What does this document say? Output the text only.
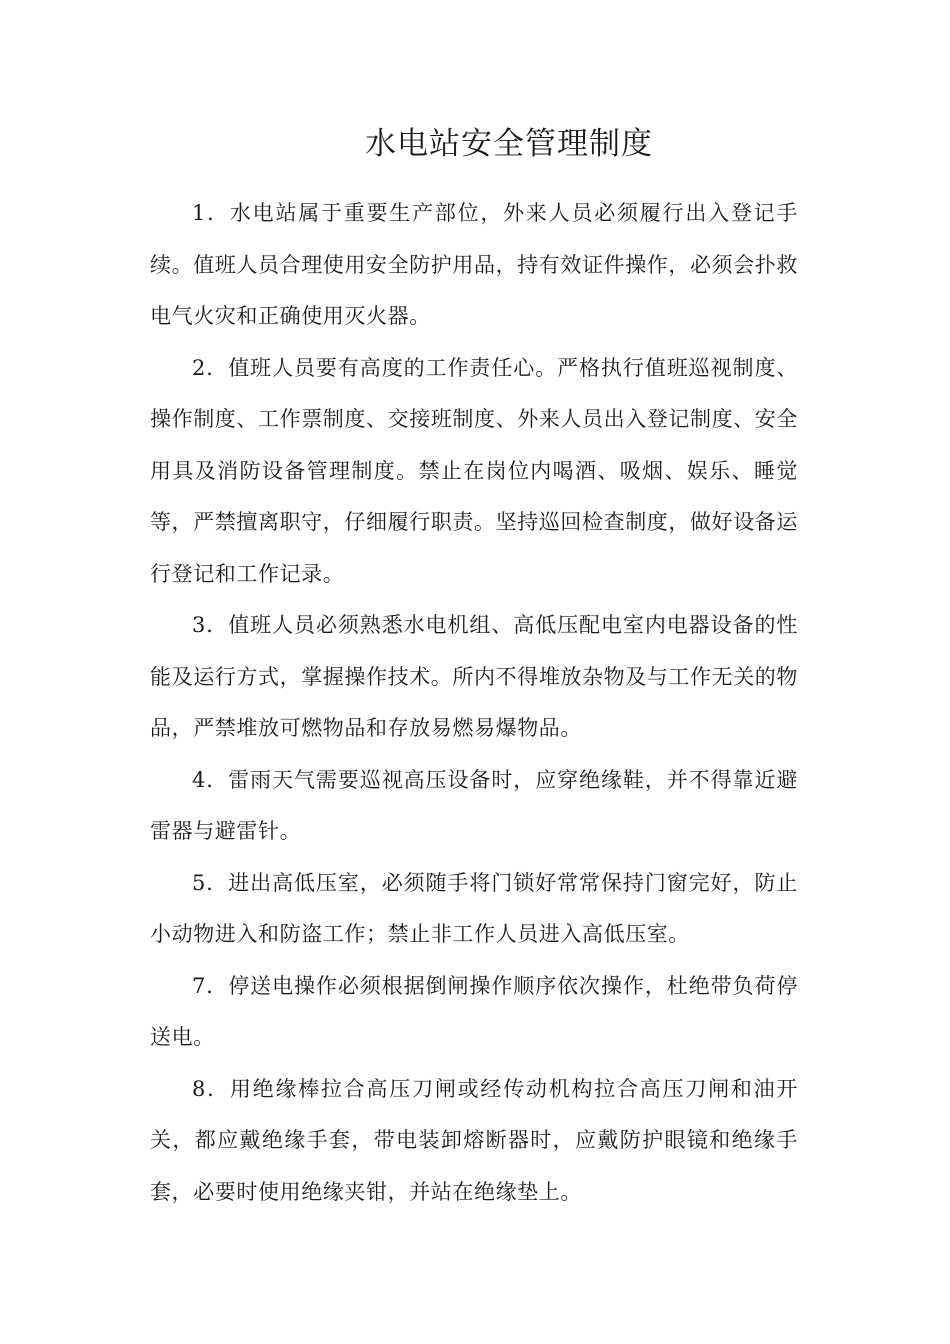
水电站安全管理制度

1．水电站属于重要生产部位，外来人员必须履行出入登记手续。值班人员合理使用安全防护用品，持有效证件操作，必须会扑救电气火灾和正确使用灭火器。

2．值班人员要有高度的工作责任心。严格执行值班巡视制度、操作制度、工作票制度、交接班制度、外来人员出入登记制度、安全用具及消防设备管理制度。禁止在岗位内喝酒、吸烟、娱乐、睡觉等，严禁擅离职守，仔细履行职责。坚持巡回检查制度，做好设备运行登记和工作记录。

3．值班人员必须熟悉水电机组、高低压配电室内电器设备的性能及运行方式，掌握操作技术。所内不得堆放杂物及与工作无关的物品，严禁堆放可燃物品和存放易燃易爆物品。

4．雷雨天气需要巡视高压设备时，应穿绝缘鞋，并不得靠近避雷器与避雷针。

5．进出高低压室，必须随手将门锁好常常保持门窗完好，防止小动物进入和防盗工作；禁止非工作人员进入高低压室。

7．停送电操作必须根据倒闸操作顺序依次操作，杜绝带负荷停送电。

8．用绝缘棒拉合高压刀闸或经传动机构拉合高压刀闸和油开关，都应戴绝缘手套，带电装卸熔断器时，应戴防护眼镜和绝缘手套，必要时使用绝缘夹钳，并站在绝缘垫上。
